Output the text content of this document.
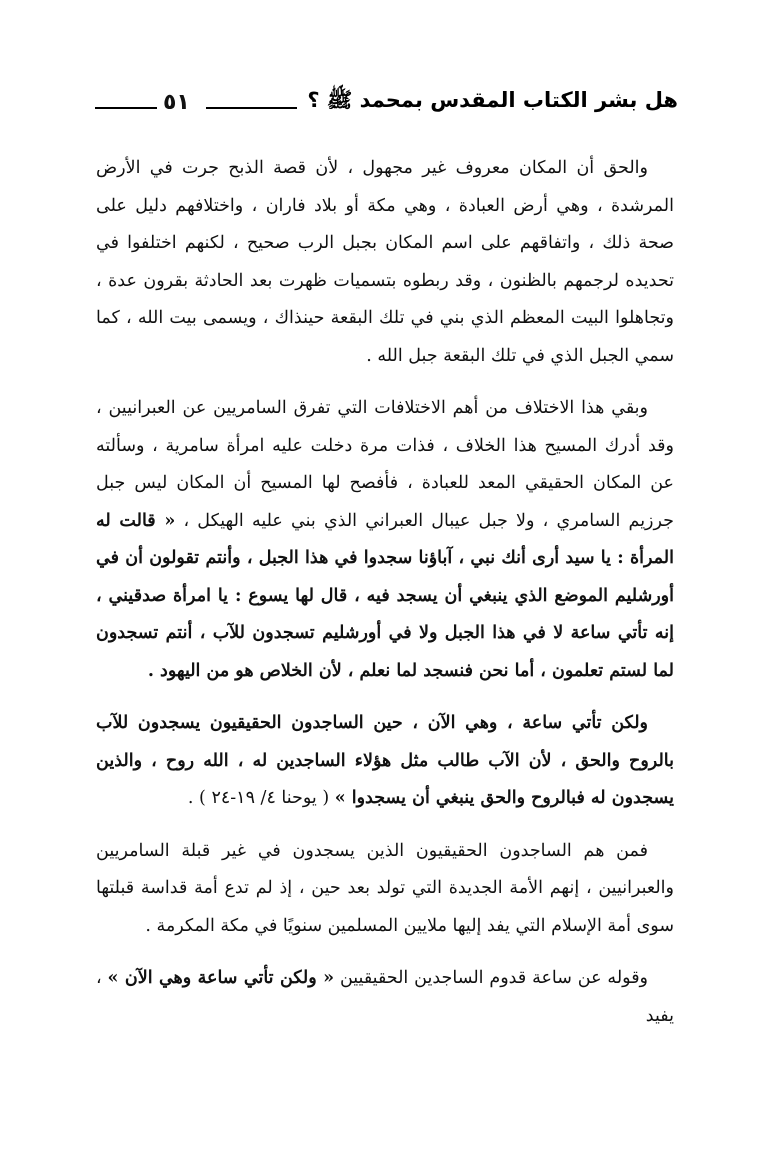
هل بشر الكتاب المقدس بمحمد ﷺ ؟
٥١

والحق أن المكان معروف غير مجهول ، لأن قصة الذبح جرت في الأرض المرشدة ، وهي أرض العبادة ، وهي مكة أو بلاد فاران ، واختلافهم دليل على صحة ذلك ، واتفاقهم على اسم المكان بجبل الرب صحيح ، لكنهم اختلفوا في تحديده لرجمهم بالظنون ، وقد ربطوه بتسميات ظهرت بعد الحادثة بقرون عدة ، وتجاهلوا البيت المعظم الذي بني في تلك البقعة حينذاك ، ويسمى بيت الله ، كما سمي الجبل الذي في تلك البقعة جبل الله .

وبقي هذا الاختلاف من أهم الاختلافات التي تفرق السامريين عن العبرانيين ، وقد أدرك المسيح هذا الخلاف ، فذات مرة دخلت عليه امرأة سامرية ، وسألته عن المكان الحقيقي المعد للعبادة ، فأفصح لها المسيح أن المكان ليس جبل جرزيم السامري ، ولا جبل عيبال العبراني الذي بني عليه الهيكل ، « قالت له المرأة : يا سيد أرى أنك نبي ، آباؤنا سجدوا في هذا الجبل ، وأنتم تقولون أن في أورشليم الموضع الذي ينبغي أن يسجد فيه ، قال لها يسوع : يا امرأة صدقيني ، إنه تأتي ساعة لا في هذا الجبل ولا في أورشليم تسجدون للآب ، أنتم تسجدون لما لستم تعلمون ، أما نحن فنسجد لما نعلم ، لأن الخلاص هو من اليهود .

ولكن تأتي ساعة ، وهي الآن ، حين الساجدون الحقيقيون يسجدون للآب بالروح والحق ، لأن الآب طالب مثل هؤلاء الساجدين له ، الله روح ، والذين يسجدون له فبالروح والحق ينبغي أن يسجدوا » ( يوحنا ٤/ ١٩-٢٤ ) .

فمن هم الساجدون الحقيقيون الذين يسجدون في غير قبلة السامريين والعبرانيين ، إنهم الأمة الجديدة التي تولد بعد حين ، إذ لم تدع أمة قداسة قبلتها سوى أمة الإسلام التي يفد إليها ملايين المسلمين سنويًا في مكة المكرمة .

وقوله عن ساعة قدوم الساجدين الحقيقيين « ولكن تأتي ساعة وهي الآن » ، يفيد
